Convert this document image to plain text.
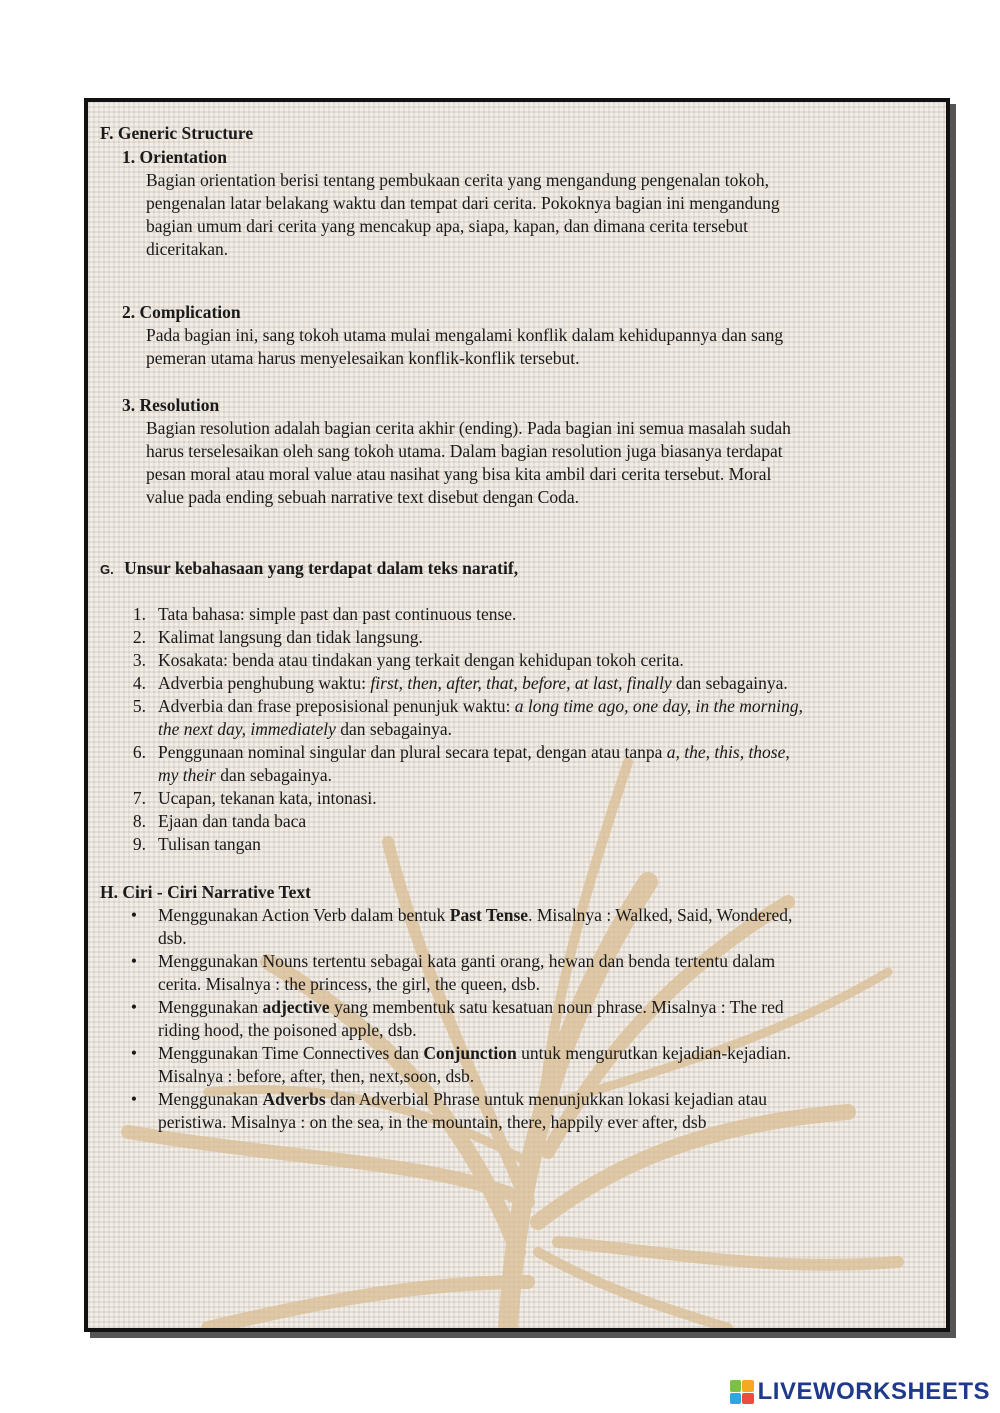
F. Generic Structure
1. Orientation
Bagian orientation berisi tentang pembukaan cerita yang mengandung pengenalan tokoh,
pengenalan latar belakang waktu dan tempat dari cerita. Pokoknya bagian ini mengandung
bagian umum dari cerita yang mencakup apa, siapa, kapan, dan dimana cerita tersebut
diceritakan.
2. Complication
Pada bagian ini, sang tokoh utama mulai mengalami konflik dalam kehidupannya dan sang
pemeran utama harus menyelesaikan konflik-konflik tersebut.
3. Resolution
Bagian resolution adalah bagian cerita akhir (ending). Pada bagian ini semua masalah sudah
harus terselesaikan oleh sang tokoh utama. Dalam bagian resolution juga biasanya terdapat
pesan moral atau moral value atau nasihat yang bisa kita ambil dari cerita tersebut. Moral
value pada ending sebuah narrative text disebut dengan Coda.
G. Unsur kebahasaan yang terdapat dalam teks naratif,
1. Tata bahasa: simple past dan past continuous tense.
2. Kalimat langsung dan tidak langsung.
3. Kosakata: benda atau tindakan yang terkait dengan kehidupan tokoh cerita.
4. Adverbia penghubung waktu: first, then, after, that, before, at last, finally dan sebagainya.
5. Adverbia dan frase preposisional penunjuk waktu: a long time ago, one day, in the morning,
the next day, immediately dan sebagainya.
6. Penggunaan nominal singular dan plural secara tepat, dengan atau tanpa a, the, this, those,
my their dan sebagainya.
7. Ucapan, tekanan kata, intonasi.
8. Ejaan dan tanda baca
9. Tulisan tangan
H. Ciri - Ciri Narrative Text
• Menggunakan Action Verb dalam bentuk Past Tense. Misalnya : Walked, Said, Wondered,
dsb.
• Menggunakan Nouns tertentu sebagai kata ganti orang, hewan dan benda tertentu dalam
cerita. Misalnya : the princess, the girl, the queen, dsb.
• Menggunakan adjective yang membentuk satu kesatuan noun phrase. Misalnya : The red
riding hood, the poisoned apple, dsb.
• Menggunakan Time Connectives dan Conjunction untuk mengurutkan kejadian-kejadian.
Misalnya : before, after, then, next,soon, dsb.
• Menggunakan Adverbs dan Adverbial Phrase untuk menunjukkan lokasi kejadian atau
peristiwa. Misalnya : on the sea, in the mountain, there, happily ever after, dsb
LIVEWORKSHEETS
